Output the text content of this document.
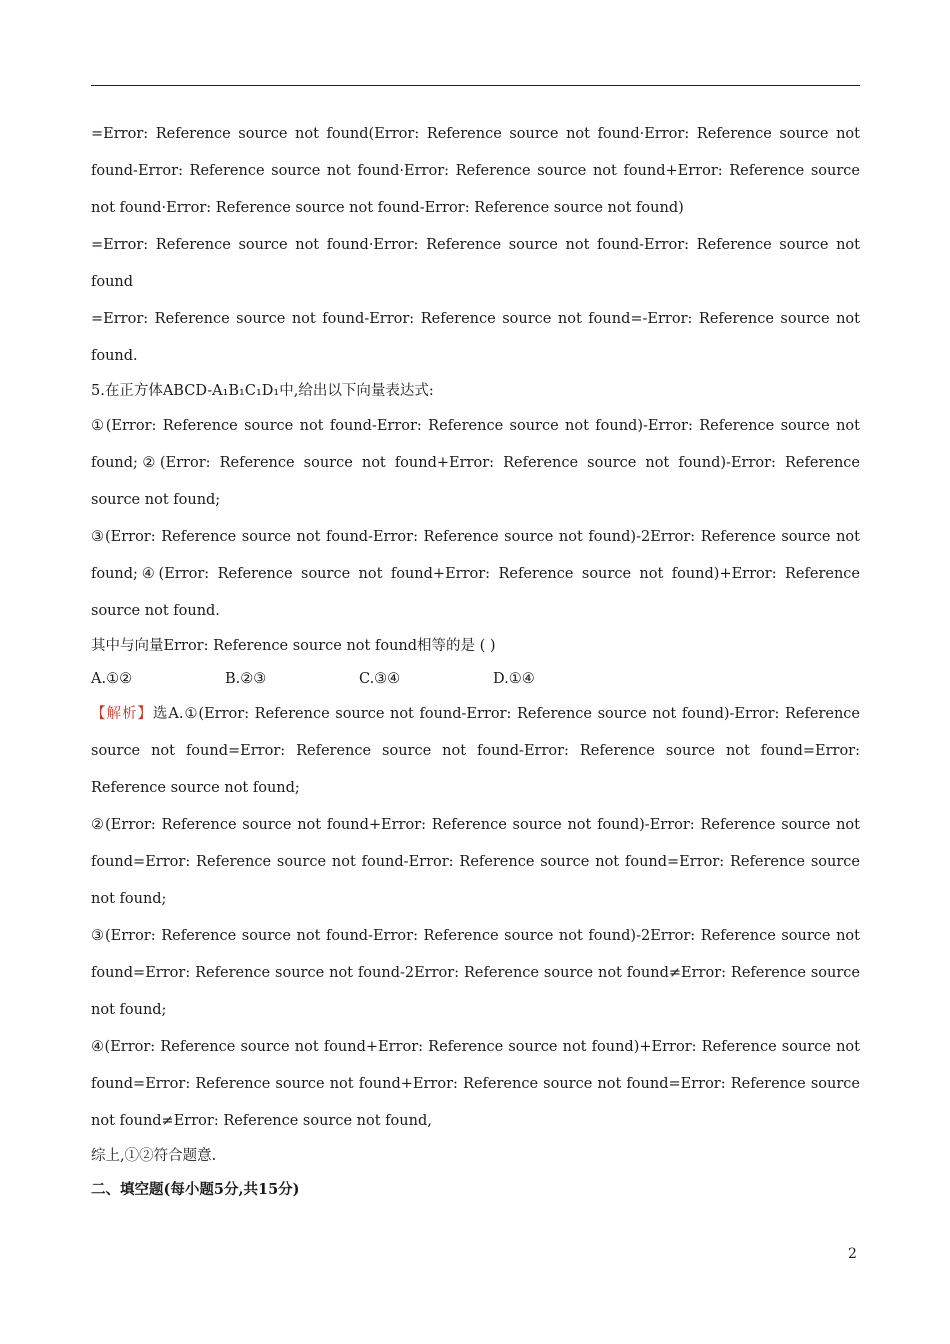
=Error: Reference source not found(Error: Reference source not found·Error: Reference source not found-Error: Reference source not found·Error: Reference source not found+Error: Reference source not found·Error: Reference source not found-Error: Reference source not found)

=Error: Reference source not found·Error: Reference source not found-Error: Reference source not found

=Error: Reference source not found-Error: Reference source not found=-Error: Reference source not found.

5.在正方体ABCD-A₁B₁C₁D₁中,给出以下向量表达式:

①(Error: Reference source not found-Error: Reference source not found)-Error: Reference source not found;②(Error: Reference source not found+Error: Reference source not found)-Error: Reference source not found;

③(Error: Reference source not found-Error: Reference source not found)-2Error: Reference source not found;④(Error: Reference source not found+Error: Reference source not found)+Error: Reference source not found.

其中与向量Error: Reference source not found相等的是 ( )

A.①②	B.②③	C.③④	D.①④

【解析】选A.①(Error: Reference source not found-Error: Reference source not found)-Error: Reference source not found=Error: Reference source not found-Error: Reference source not found=Error: Reference source not found;

②(Error: Reference source not found+Error: Reference source not found)-Error: Reference source not found=Error: Reference source not found-Error: Reference source not found=Error: Reference source not found;

③(Error: Reference source not found-Error: Reference source not found)-2Error: Reference source not found=Error: Reference source not found-2Error: Reference source not found≠Error: Reference source not found;

④(Error: Reference source not found+Error: Reference source not found)+Error: Reference source not found=Error: Reference source not found+Error: Reference source not found=Error: Reference source not found≠Error: Reference source not found,

综上,①②符合题意.

二、填空题(每小题5分,共15分)

2
